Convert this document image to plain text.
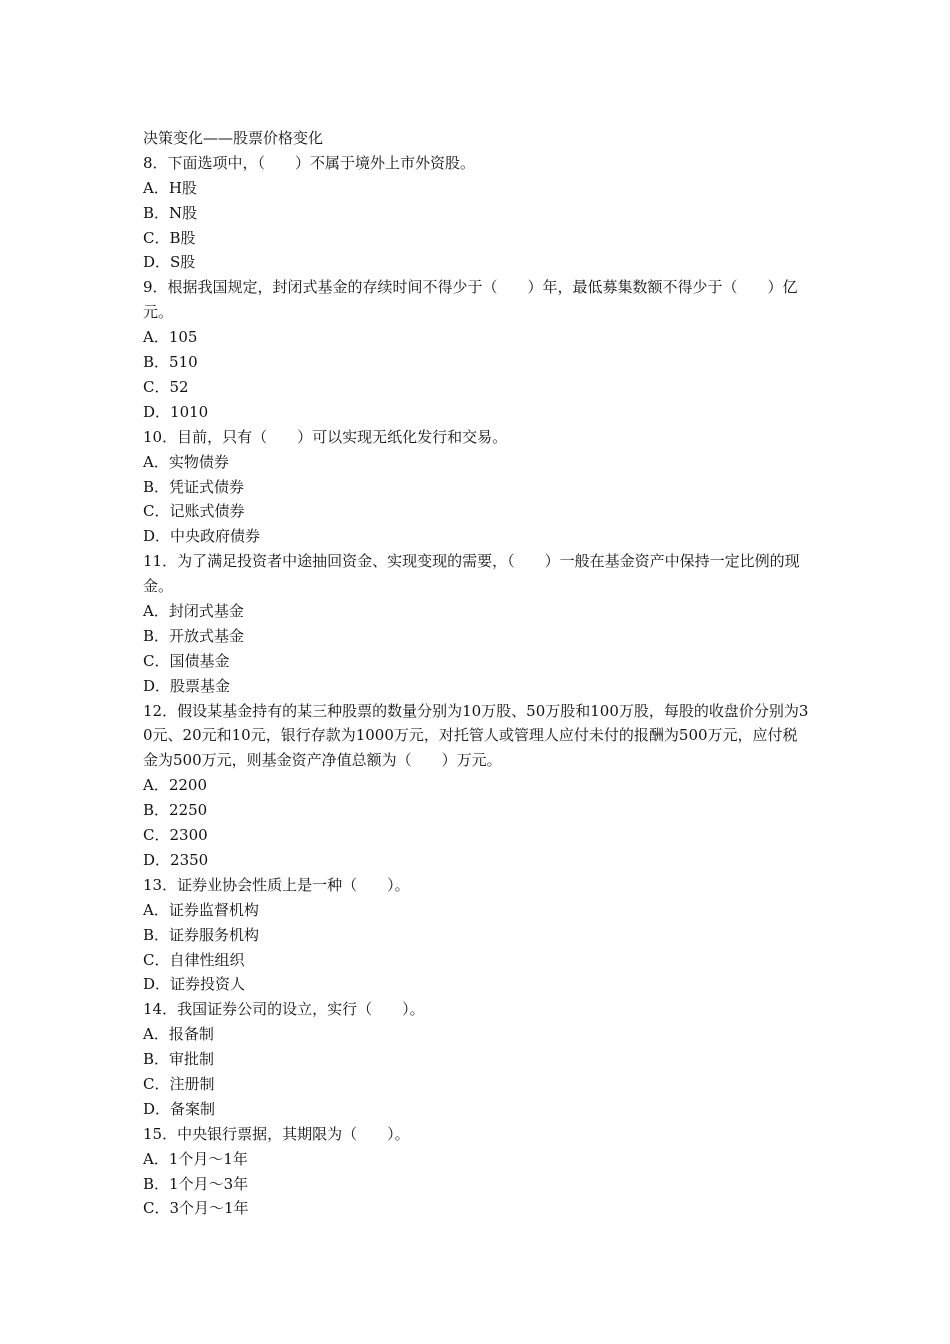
决策变化——股票价格变化
8．下面选项中，（　　）不属于境外上市外资股。
A．H股
B．N股
C．B股
D．S股
9．根据我国规定，封闭式基金的存续时间不得少于（　　）年，最低募集数额不得少于（　　）亿元。
A．105
B．510
C．52
D．1010
10．目前，只有（　　）可以实现无纸化发行和交易。
A．实物债券
B．凭证式债券
C．记账式债券
D．中央政府债券
11．为了满足投资者中途抽回资金、实现变现的需要，（　　）一般在基金资产中保持一定比例的现金。
A．封闭式基金
B．开放式基金
C．国债基金
D．股票基金
12．假设某基金持有的某三种股票的数量分别为10万股、50万股和100万股，每股的收盘价分别为30元、20元和10元，银行存款为1000万元，对托管人或管理人应付未付的报酬为500万元，应付税金为500万元，则基金资产净值总额为（　　）万元。
A．2200
B．2250
C．2300
D．2350
13．证券业协会性质上是一种（　　）。
A．证券监督机构
B．证券服务机构
C．自律性组织
D．证券投资人
14．我国证券公司的设立，实行（　　）。
A．报备制
B．审批制
C．注册制
D．备案制
15．中央银行票据，其期限为（　　）。
A．1个月～1年
B．1个月～3年
C．3个月～1年
